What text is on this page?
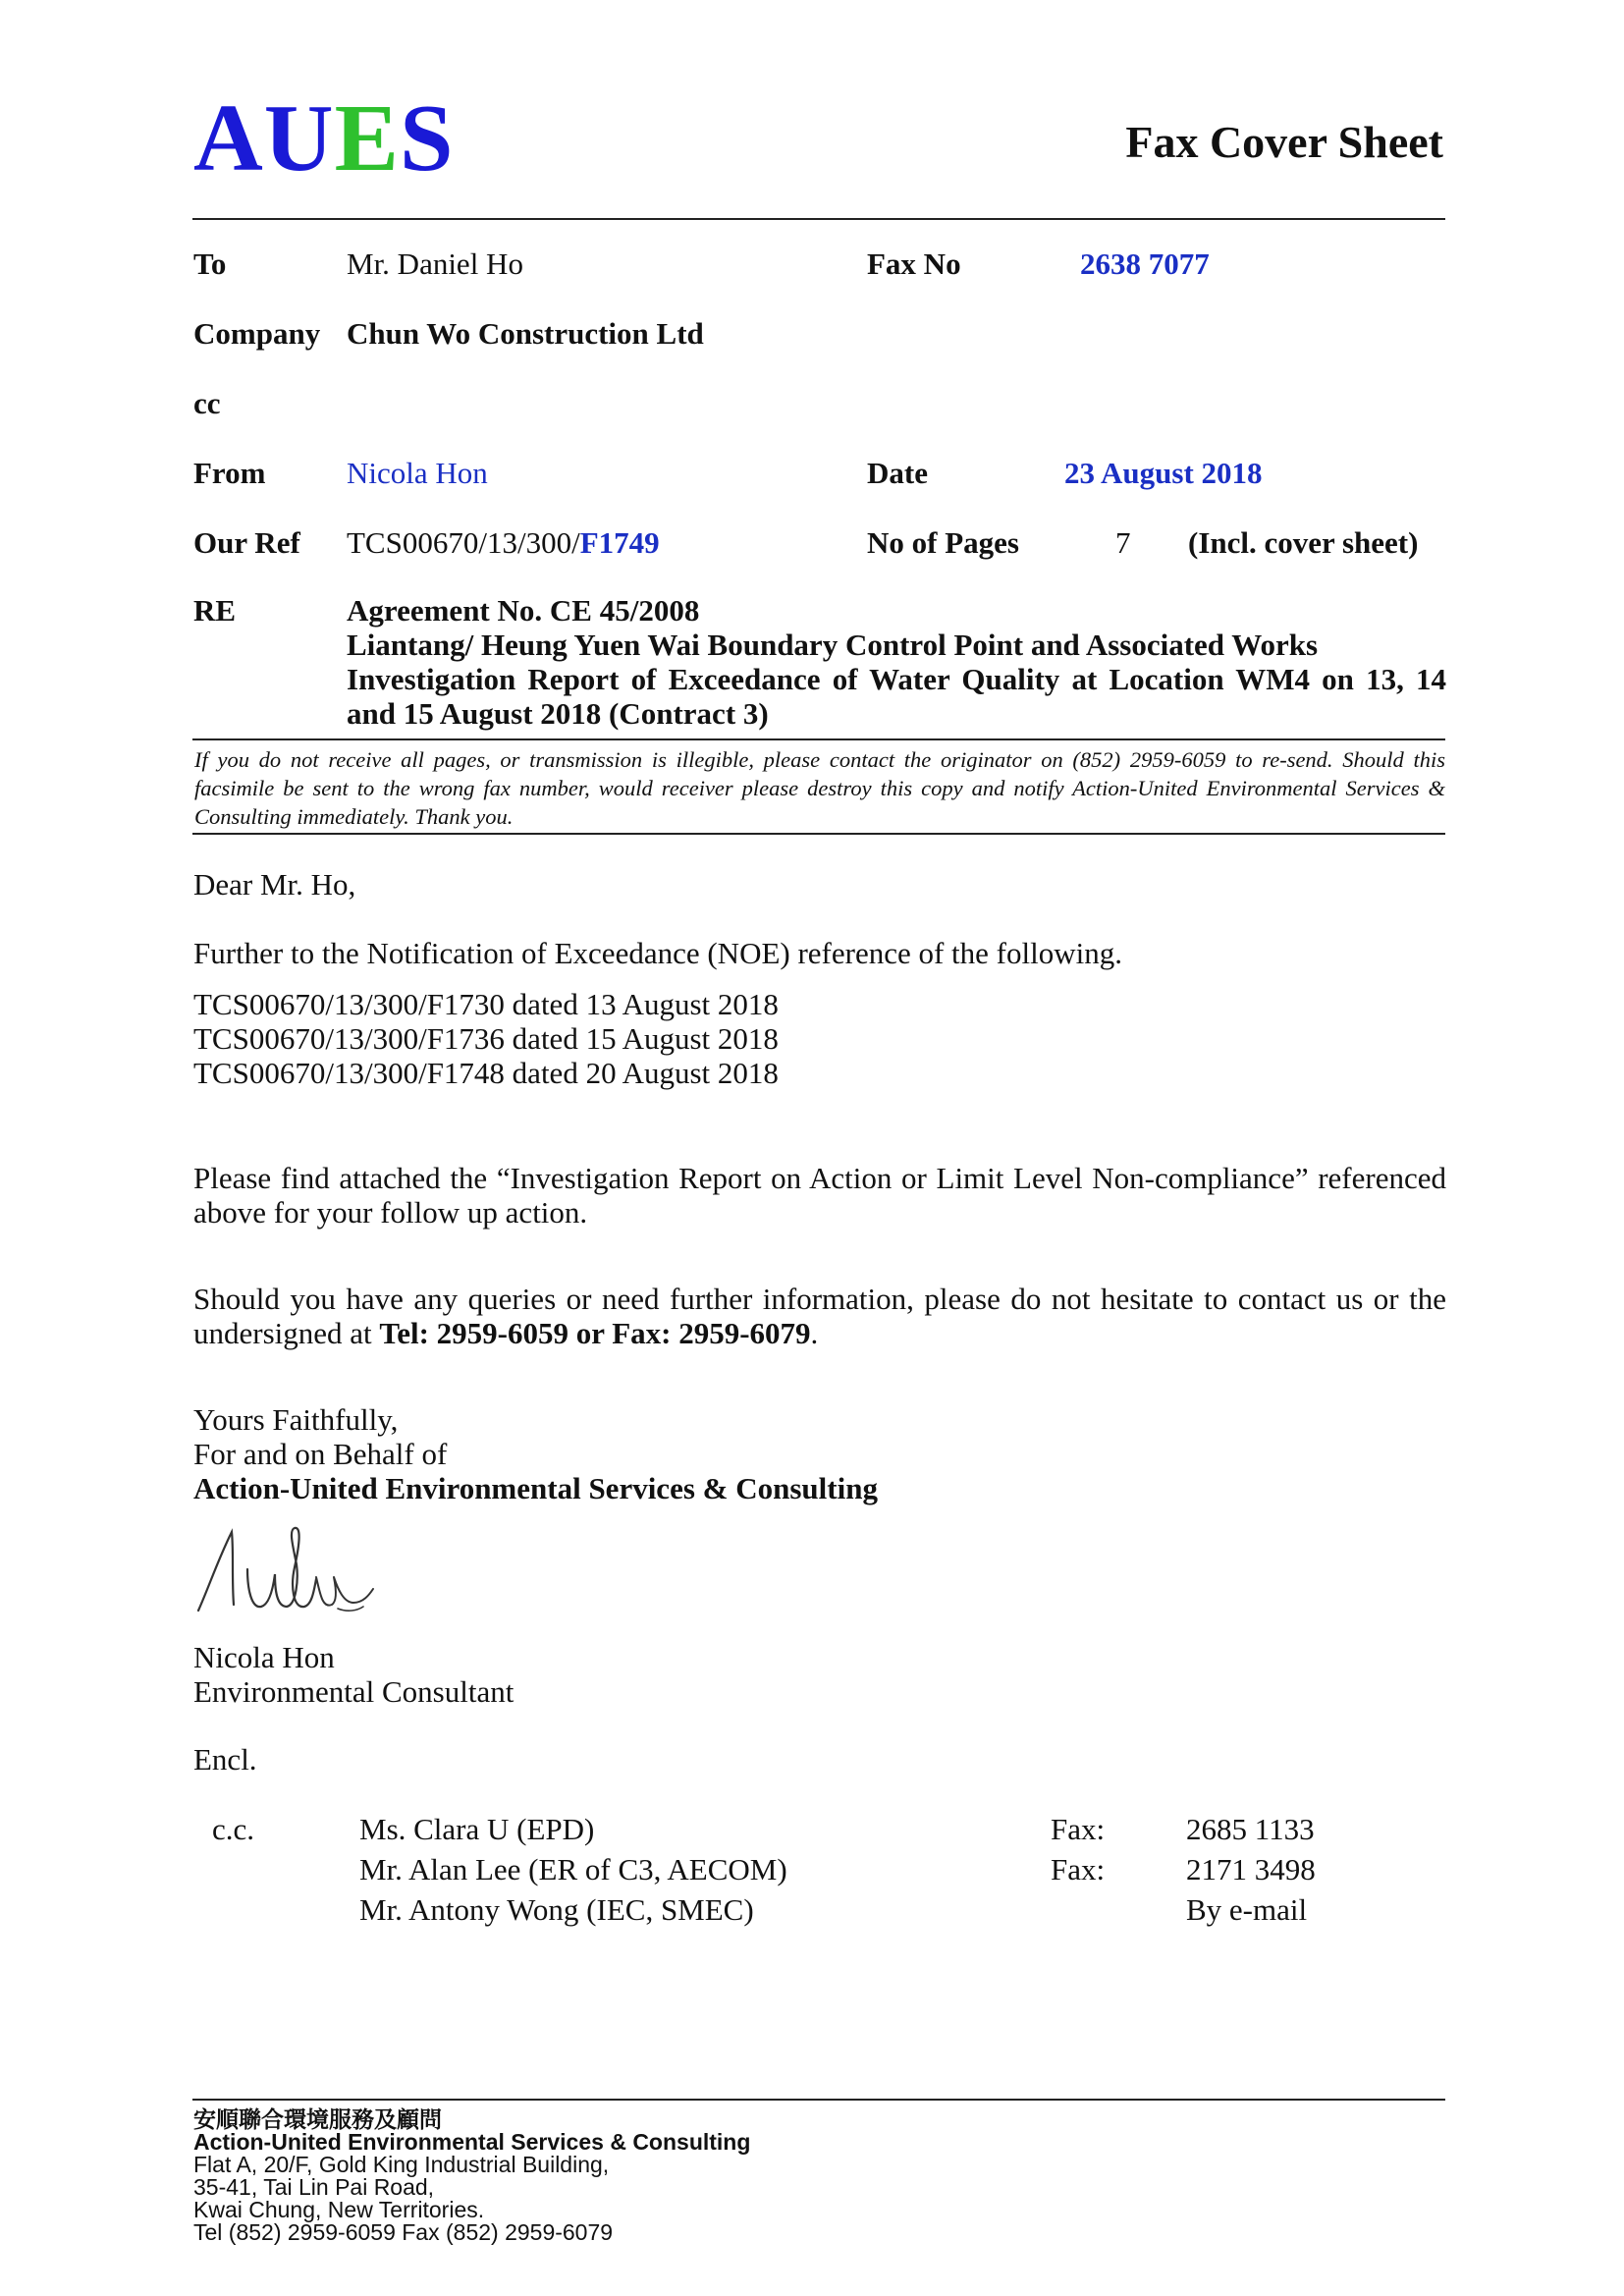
AUES	Fax Cover Sheet
To	Mr. Daniel Ho	Fax No	2638 7077
Company Chun Wo Construction Ltd
cc
From	Nicola Hon	Date	23 August 2018
Our Ref TCS00670/13/300/F1749	No of Pages	7 (Incl. cover sheet)
RE	Agreement No. CE 45/2008
Liantang/ Heung Yuen Wai Boundary Control Point and Associated Works
Investigation Report of Exceedance of Water Quality at Location WM4 on 13, 14 and 15 August 2018 (Contract 3)
If you do not receive all pages, or transmission is illegible, please contact the originator on (852) 2959-6059 to re-send. Should this facsimile be sent to the wrong fax number, would receiver please destroy this copy and notify Action-United Environmental Services & Consulting immediately. Thank you.
Dear Mr. Ho,
Further to the Notification of Exceedance (NOE) reference of the following.
TCS00670/13/300/F1730 dated 13 August 2018
TCS00670/13/300/F1736 dated 15 August 2018
TCS00670/13/300/F1748 dated 20 August 2018
Please find attached the “Investigation Report on Action or Limit Level Non-compliance” referenced above for your follow up action.
Should you have any queries or need further information, please do not hesitate to contact us or the undersigned at Tel: 2959-6059 or Fax: 2959-6079.
Yours Faithfully,
For and on Behalf of
Action-United Environmental Services & Consulting
Nicola Hon
Environmental Consultant
Encl.
c.c.	Ms. Clara U (EPD)	Fax:	2685 1133
Mr. Alan Lee (ER of C3, AECOM)	Fax:	2171 3498
Mr. Antony Wong (IEC, SMEC)	By e-mail
安順聯合環境服務及顧問
Action-United Environmental Services & Consulting
Flat A, 20/F, Gold King Industrial Building,
35-41, Tai Lin Pai Road,
Kwai Chung, New Territories.
Tel (852) 2959-6059 Fax (852) 2959-6079
